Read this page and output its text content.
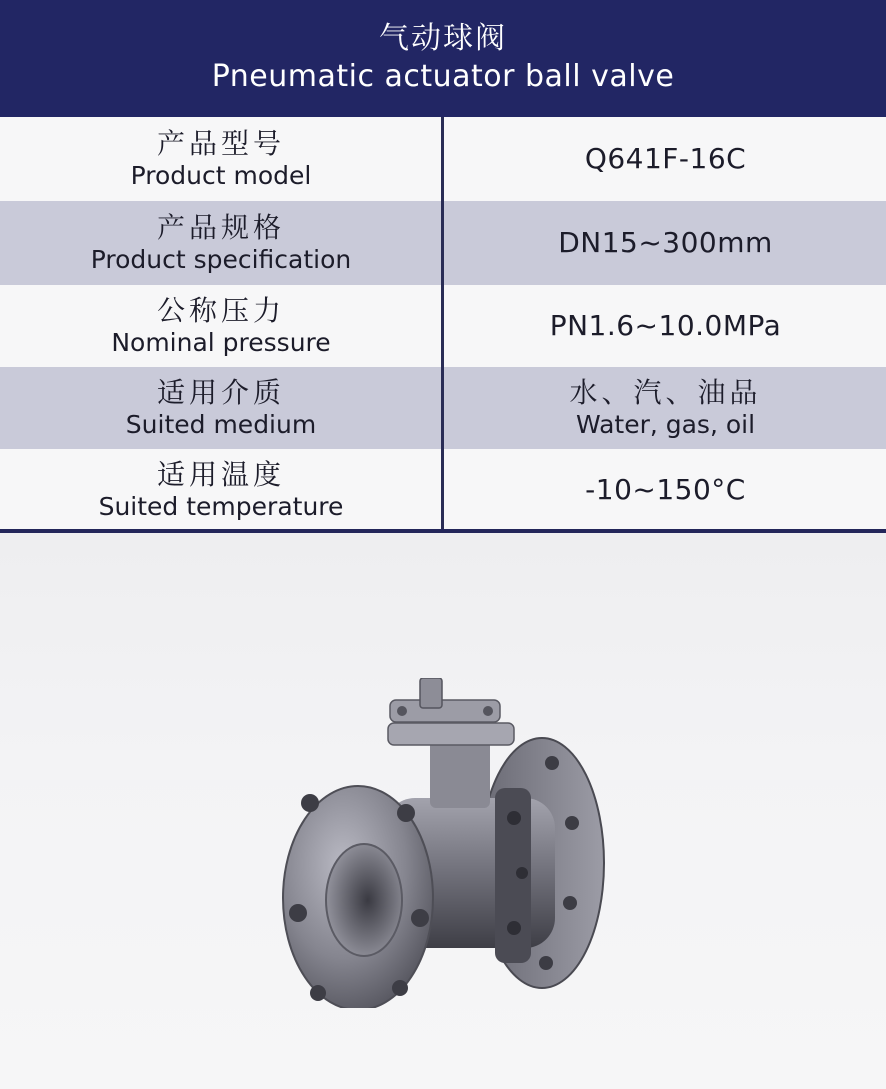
气动球阀
Pneumatic actuator ball valve
产品型号
Product model
Q641F-16C
产品规格
Product specification
DN15~300mm
公称压力
Nominal pressure
PN1.6~10.0MPa
适用介质
Suited medium
水、汽、油品
Water, gas, oil
适用温度
Suited temperature
-10~150°C
